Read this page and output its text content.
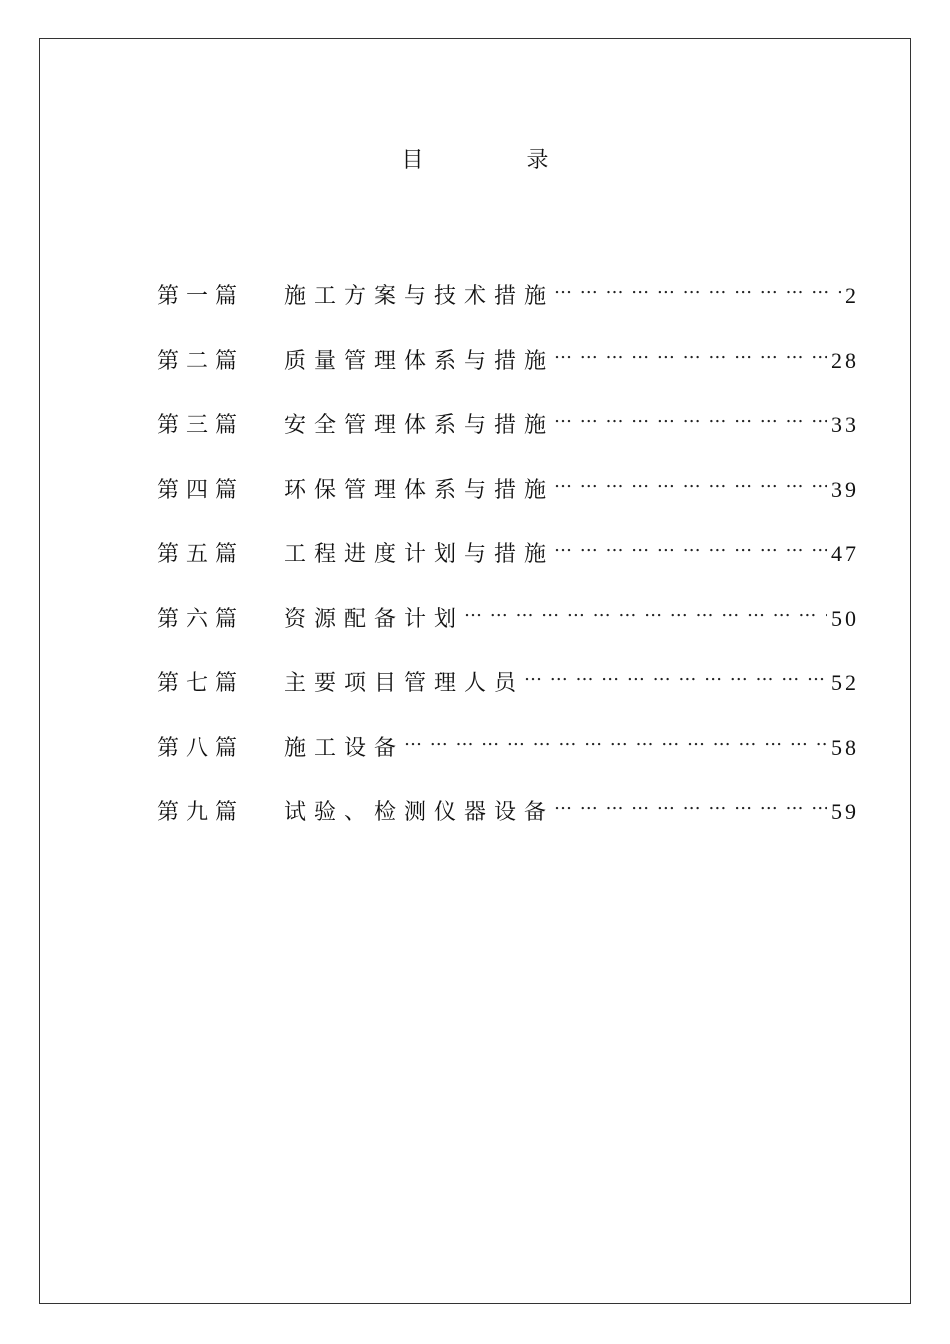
目 录
第一篇	施工方案与技术措施 … … … … … … … … … … … … … … … … … … … … … … … … … … … …	2
第二篇	质量管理体系与措施 … … … … … … … … … … … … … … … … … … … … … … … … … … … …	28
第三篇	安全管理体系与措施 … … … … … … … … … … … … … … … … … … … … … … … … … … … …	33
第四篇	环保管理体系与措施 … … … … … … … … … … … … … … … … … … … … … … … … … … … …	39
第五篇	工程进度计划与措施 … … … … … … … … … … … … … … … … … … … … … … … … … … … …	47
第六篇	资源配备计划 … … … … … … … … … … … … … … … … … … … … … … … … … … … …	50
第七篇	主要项目管理人员 … … … … … … … … … … … … … … … … … … … … … … … … … … … …	52
第八篇	施工设备 … … … … … … … … … … … … … … … … … … … … … … … … … … … …	58
第九篇	试验、检测仪器设备 … … … … … … … … … … … … … … … … … … … … … … … … … … … …	59
